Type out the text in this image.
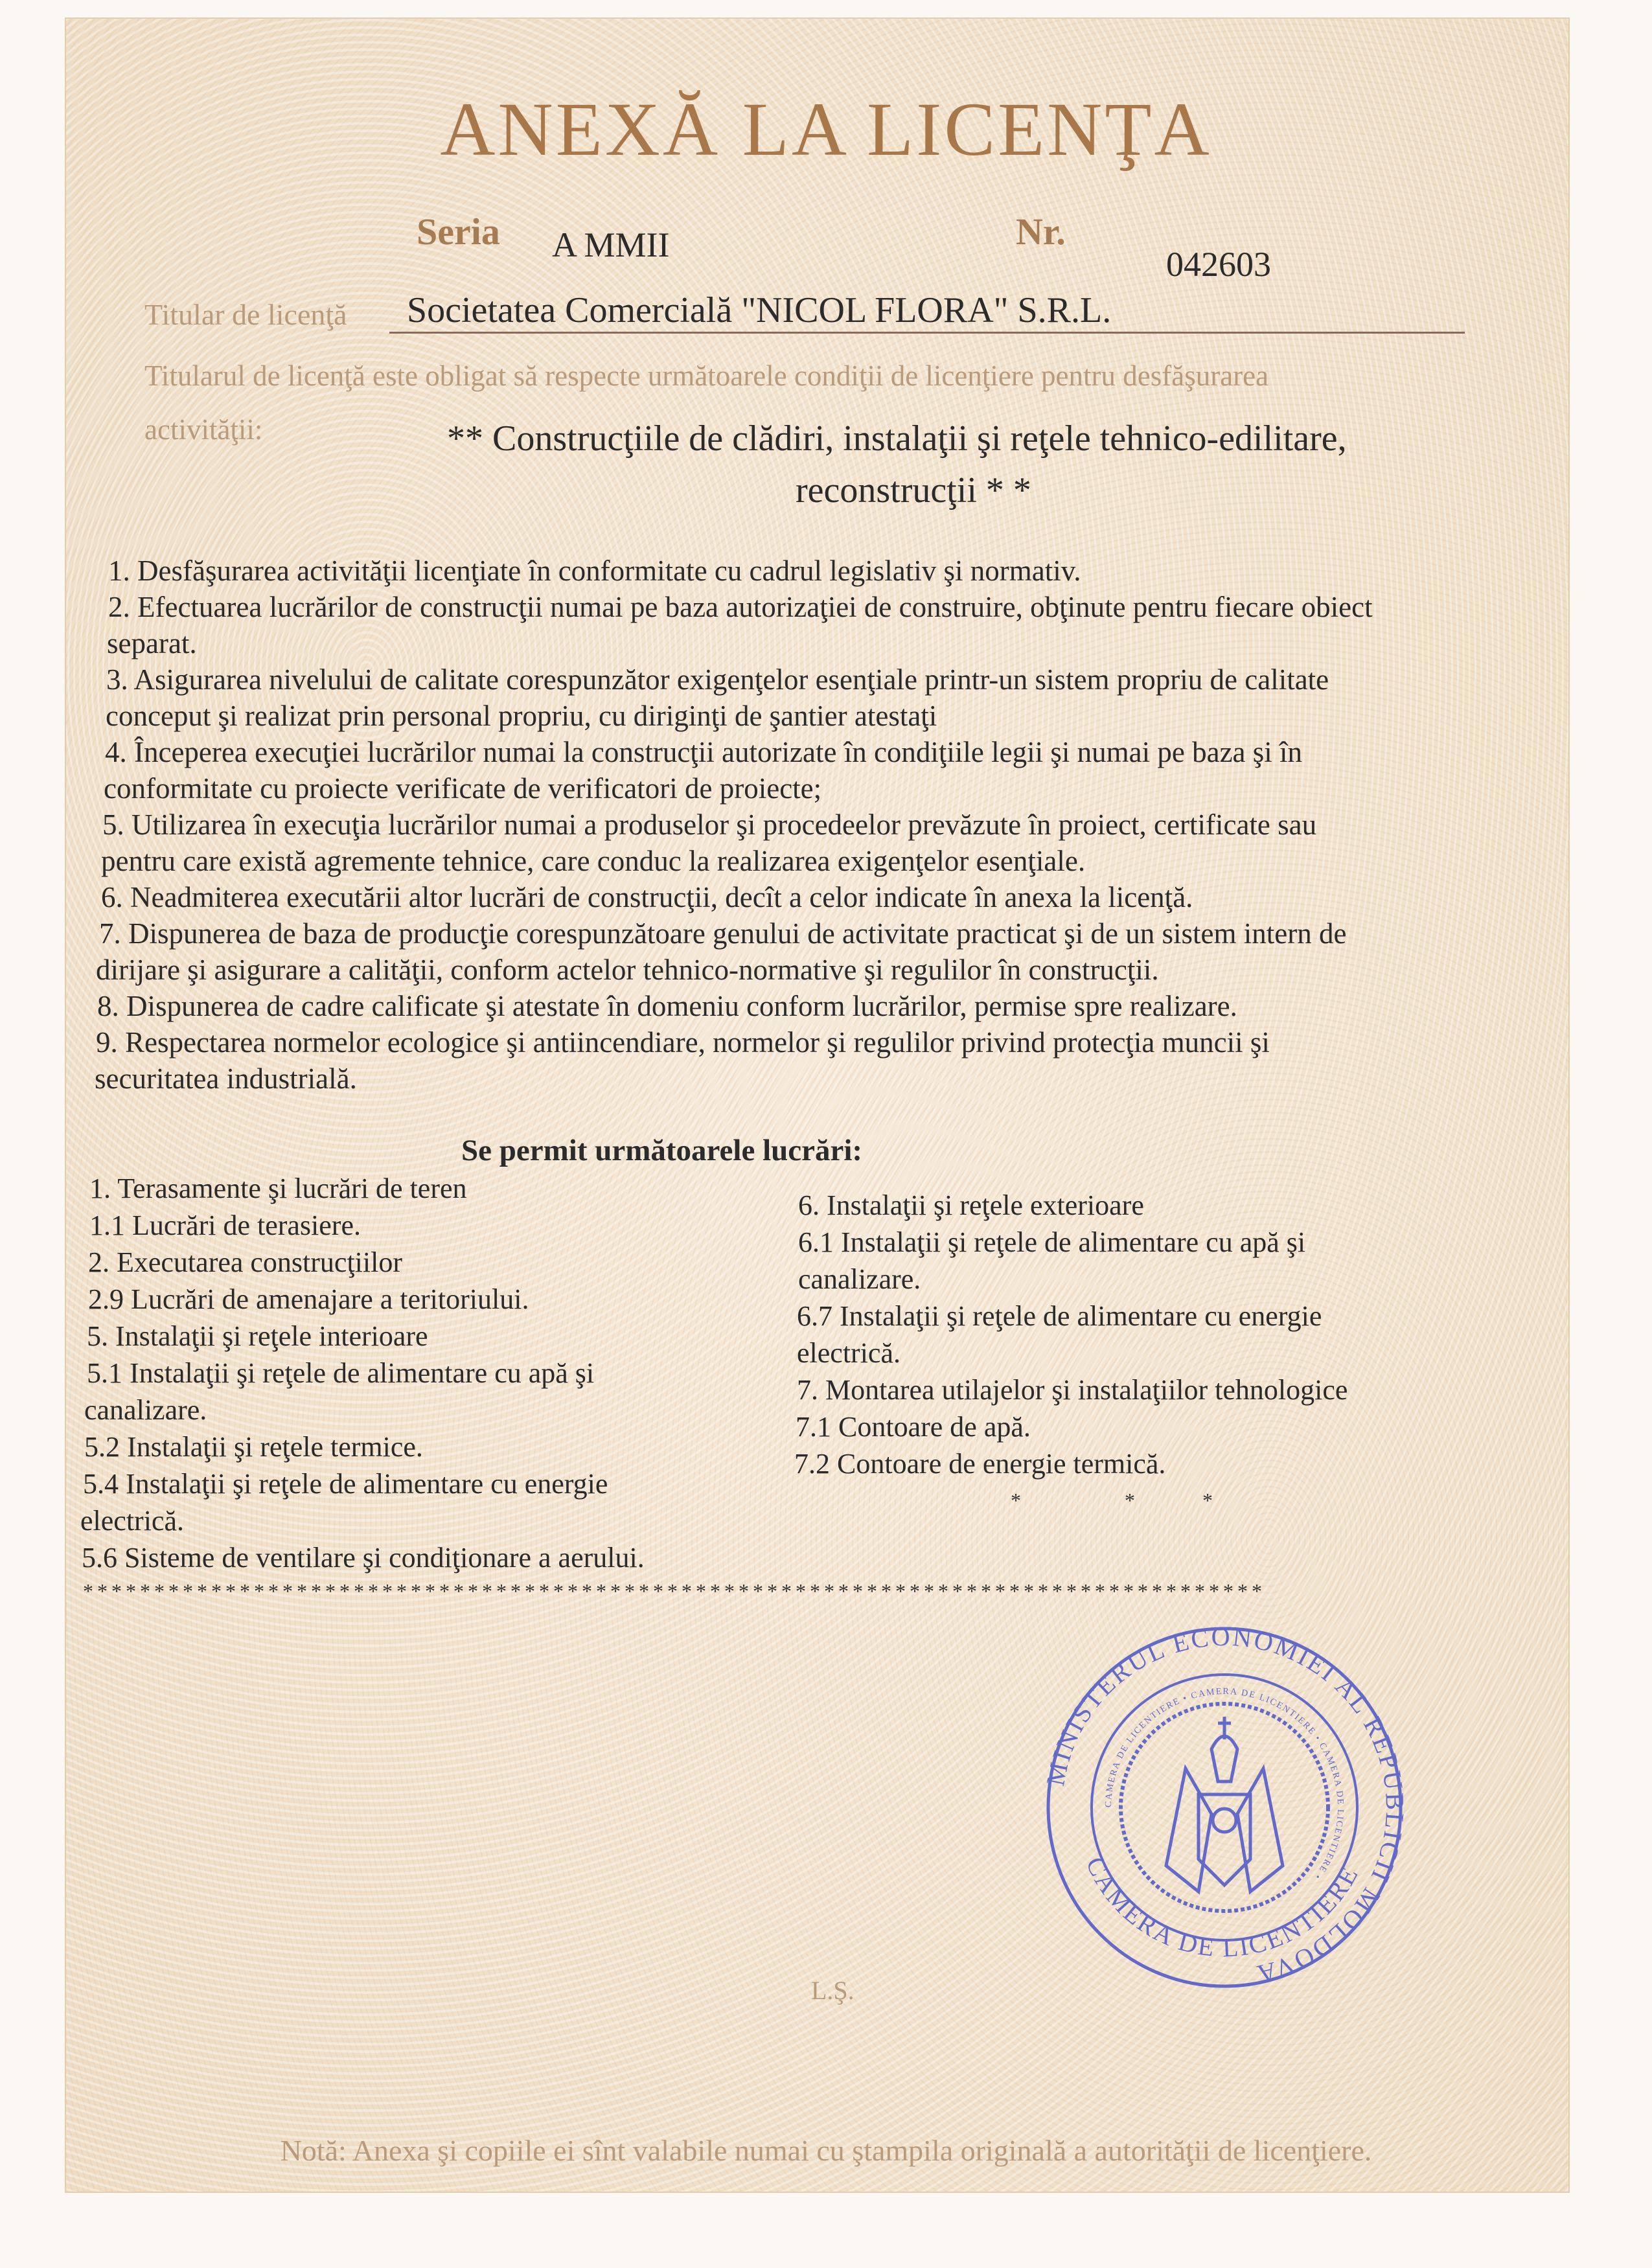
ANEXĂ LA LICENŢA
Seria A MMII	Nr.
042603
Titular de licenţă Societatea Comercială "NICOL FLORA" S.R.L.
Titularul de licenţă este obligat să respecte următoarele condiţii de licenţiere pentru desfăşurarea
activităţii:	** Construcţiile de clădiri, instalaţii şi reţele tehnico-edilitare,
reconstrucţii * *
1. Desfăşurarea activităţii licenţiate în conformitate cu cadrul legislativ şi normativ.
2. Efectuarea lucrărilor de construcţii numai pe baza autorizaţiei de construire, obţinute pentru fiecare obiect
separat.
3. Asigurarea nivelului de calitate corespunzător exigenţelor esenţiale printr-un sistem propriu de calitate
conceput şi realizat prin personal propriu, cu diriginţi de şantier atestaţi
4. Începerea execuţiei lucrărilor numai la construcţii autorizate în condiţiile legii şi numai pe baza şi în
conformitate cu proiecte verificate de verificatori de proiecte;
5. Utilizarea în execuţia lucrărilor numai a produselor şi procedeelor prevăzute în proiect, certificate sau
pentru care există agremente tehnice, care conduc la realizarea exigenţelor esenţiale.
6. Neadmiterea executării altor lucrări de construcţii, decît a celor indicate în anexa la licenţă.
7. Dispunerea de baza de producţie corespunzătoare genului de activitate practicat şi de un sistem intern de
dirijare şi asigurare a calităţii, conform actelor tehnico-normative şi regulilor în construcţii.
8. Dispunerea de cadre calificate şi atestate în domeniu conform lucrărilor, permise spre realizare.
9. Respectarea normelor ecologice şi antiincendiare, normelor şi regulilor privind protecţia muncii şi
securitatea industrială.
Se permit următoarele lucrări:
1. Terasamente şi lucrări de teren
1.1 Lucrări de terasiere.
2. Executarea construcţiilor
2.9 Lucrări de amenajare a teritoriului.
5. Instalaţii şi reţele interioare
5.1 Instalaţii şi reţele de alimentare cu apă şi
canalizare.
5.2 Instalaţii şi reţele termice.
5.4 Instalaţii şi reţele de alimentare cu energie
electrică.
5.6 Sisteme de ventilare şi condiţionare a aerului.
6. Instalaţii şi reţele exterioare
6.1 Instalaţii şi reţele de alimentare cu apă şi
canalizare.
6.7 Instalaţii şi reţele de alimentare cu energie
electrică.
7. Montarea utilajelor şi instalaţiilor tehnologice
7.1 Contoare de apă.
7.2 Contoare de energie termică.
*                    *             *
* * * * * * * * * * * * * * * * * * * * * * * * * * * * * * * * * * * * * * * * * * * * * * * * * * * * * * * * * * * * * * * * * * * * * * * * * * * * * * * * * * *
MINISTERUL ECONOMIEI AL REPUBLICII MOLDOVA
CAMERA DE LICENTIERE
CAMERA DE LICENTIERE • CAMERA DE LICENTIERE • CAMERA DE LICENTIERE •
L.Ş.
Notă: Anexa şi copiile ei sînt valabile numai cu ştampila originală a autorităţii de licenţiere.
